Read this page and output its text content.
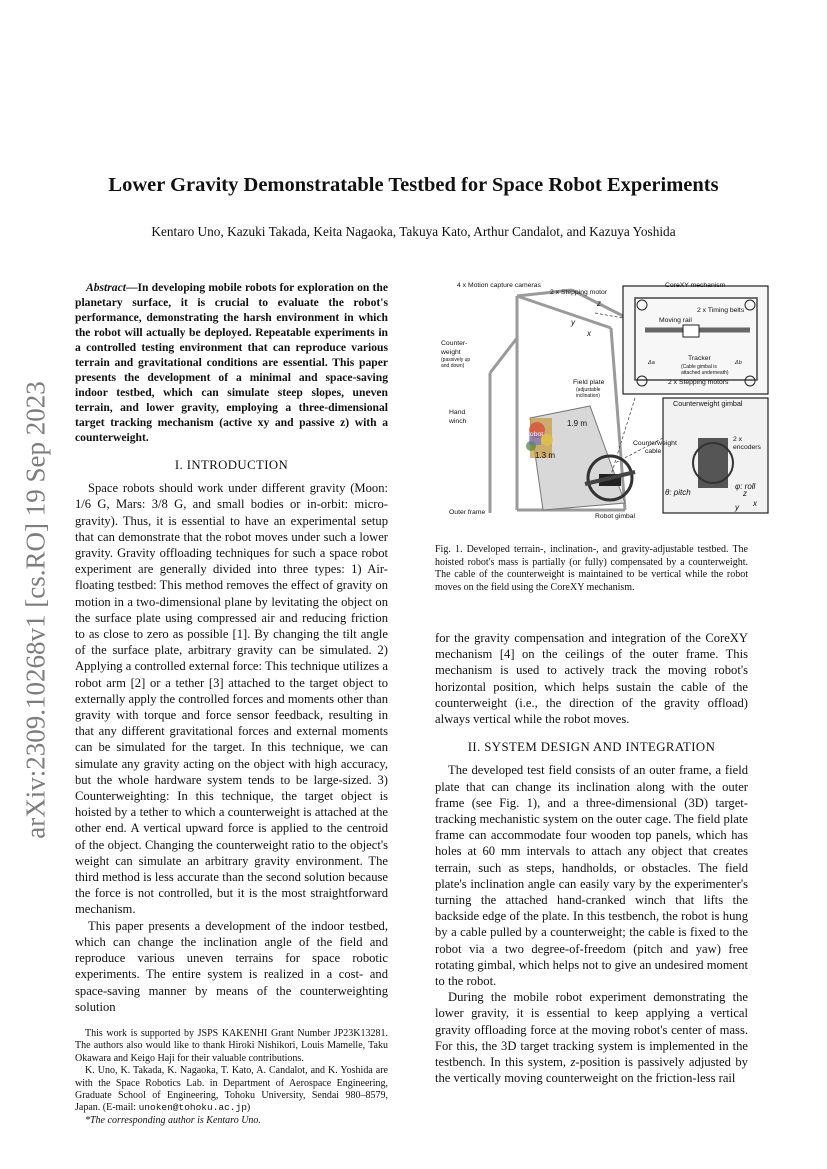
Lower Gravity Demonstratable Testbed for Space Robot Experiments
Kentaro Uno, Kazuki Takada, Keita Nagaoka, Takuya Kato, Arthur Candalot, and Kazuya Yoshida
arXiv:2309.10268v1 [cs.RO] 19 Sep 2023
Abstract—In developing mobile robots for exploration on the planetary surface, it is crucial to evaluate the robot's performance, demonstrating the harsh environment in which the robot will actually be deployed. Repeatable experiments in a controlled testing environment that can reproduce various terrain and gravitational conditions are essential. This paper presents the development of a minimal and space-saving indoor testbed, which can simulate steep slopes, uneven terrain, and lower gravity, employing a three-dimensional target tracking mechanism (active xy and passive z) with a counterweight.
I. INTRODUCTION

Space robots should work under different gravity (Moon: 1/6 G, Mars: 3/8 G, and small bodies or in-orbit: micro-gravity). Thus, it is essential to have an experimental setup that can demonstrate that the robot moves under such a lower gravity. Gravity offloading techniques for such a space robot experiment are generally divided into three types: 1) Air-floating testbed: This method removes the effect of gravity on motion in a two-dimensional plane by levitating the object on the surface plate using compressed air and reducing friction to as close to zero as possible [1]. By changing the tilt angle of the surface plate, arbitrary gravity can be simulated. 2) Applying a controlled external force: This technique utilizes a robot arm [2] or a tether [3] attached to the target object to externally apply the controlled forces and moments other than gravity with torque and force sensor feedback, resulting in that any different gravitational forces and external moments can be simulated for the target. In this technique, we can simulate any gravity acting on the object with high accuracy, but the whole hardware system tends to be large-sized. 3) Counterweighting: In this technique, the target object is hoisted by a tether to which a counterweight is attached at the other end. A vertical upward force is applied to the centroid of the object. Changing the counterweight ratio to the object's weight can simulate an arbitrary gravity environment. The third method is less accurate than the second solution because the force is not controlled, but it is the most straightforward mechanism.

This paper presents a development of the indoor testbed, which can change the inclination angle of the field and reproduce various uneven terrains for space robotic experiments. The entire system is realized in a cost- and space-saving manner by means of the counterweighting solution

This work is supported by JSPS KAKENHI Grant Number JP23K13281. The authors also would like to thank Hiroki Nishikori, Louis Mamelle, Taku Okawara and Keigo Haji for their valuable contributions.

K. Uno, K. Takada, K. Nagaoka, T. Kato, A. Candalot, and K. Yoshida are with the Space Robotics Lab. in Department of Aerospace Engineering, Graduate School of Engineering, Tohoku University, Sendai 980–8579, Japan. (E-mail: unoken@tohoku.ac.jp)

*The corresponding author is Kentaro Uno.

4 x Motion capture cameras
2 x Stepping motor
CoreXY mechanism
2 x Timing belts
Moving rail
Tracker
(Cable gimbal is
attached underneath)
2 x Stepping motors
Δa	Δb
Counter-
weight
(passively up
and down)
Field plate
(adjustable
inclination)
Hand
winch
Robot
1.9 m
1.3 m
Counterweight gimbal
Counterweight
cable
2 x
encoders
Outer frame
Robot gimbal
θ: pitch
φ: roll
z
y
x
y
z
x
Fig. 1. Developed terrain-, inclination-, and gravity-adjustable testbed. The hoisted robot's mass is partially (or fully) compensated by a counterweight. The cable of the counterweight is maintained to be vertical while the robot moves on the field using the CoreXY mechanism.

for the gravity compensation and integration of the CoreXY mechanism [4] on the ceilings of the outer frame. This mechanism is used to actively track the moving robot's horizontal position, which helps sustain the cable of the counterweight (i.e., the direction of the gravity offload) always vertical while the robot moves.

II. SYSTEM DESIGN AND INTEGRATION

The developed test field consists of an outer frame, a field plate that can change its inclination along with the outer frame (see Fig. 1), and a three-dimensional (3D) target-tracking mechanistic system on the outer cage. The field plate frame can accommodate four wooden top panels, which has holes at 60 mm intervals to attach any object that creates terrain, such as steps, handholds, or obstacles. The field plate's inclination angle can easily vary by the experimenter's turning the attached hand-cranked winch that lifts the backside edge of the plate. In this testbench, the robot is hung by a cable pulled by a counterweight; the cable is fixed to the robot via a two degree-of-freedom (pitch and yaw) free rotating gimbal, which helps not to give an undesired moment to the robot.

During the mobile robot experiment demonstrating the lower gravity, it is essential to keep applying a vertical gravity offloading force at the moving robot's center of mass. For this, the 3D target tracking system is implemented in the testbench. In this system, z-position is passively adjusted by the vertically moving counterweight on the friction-less rail
